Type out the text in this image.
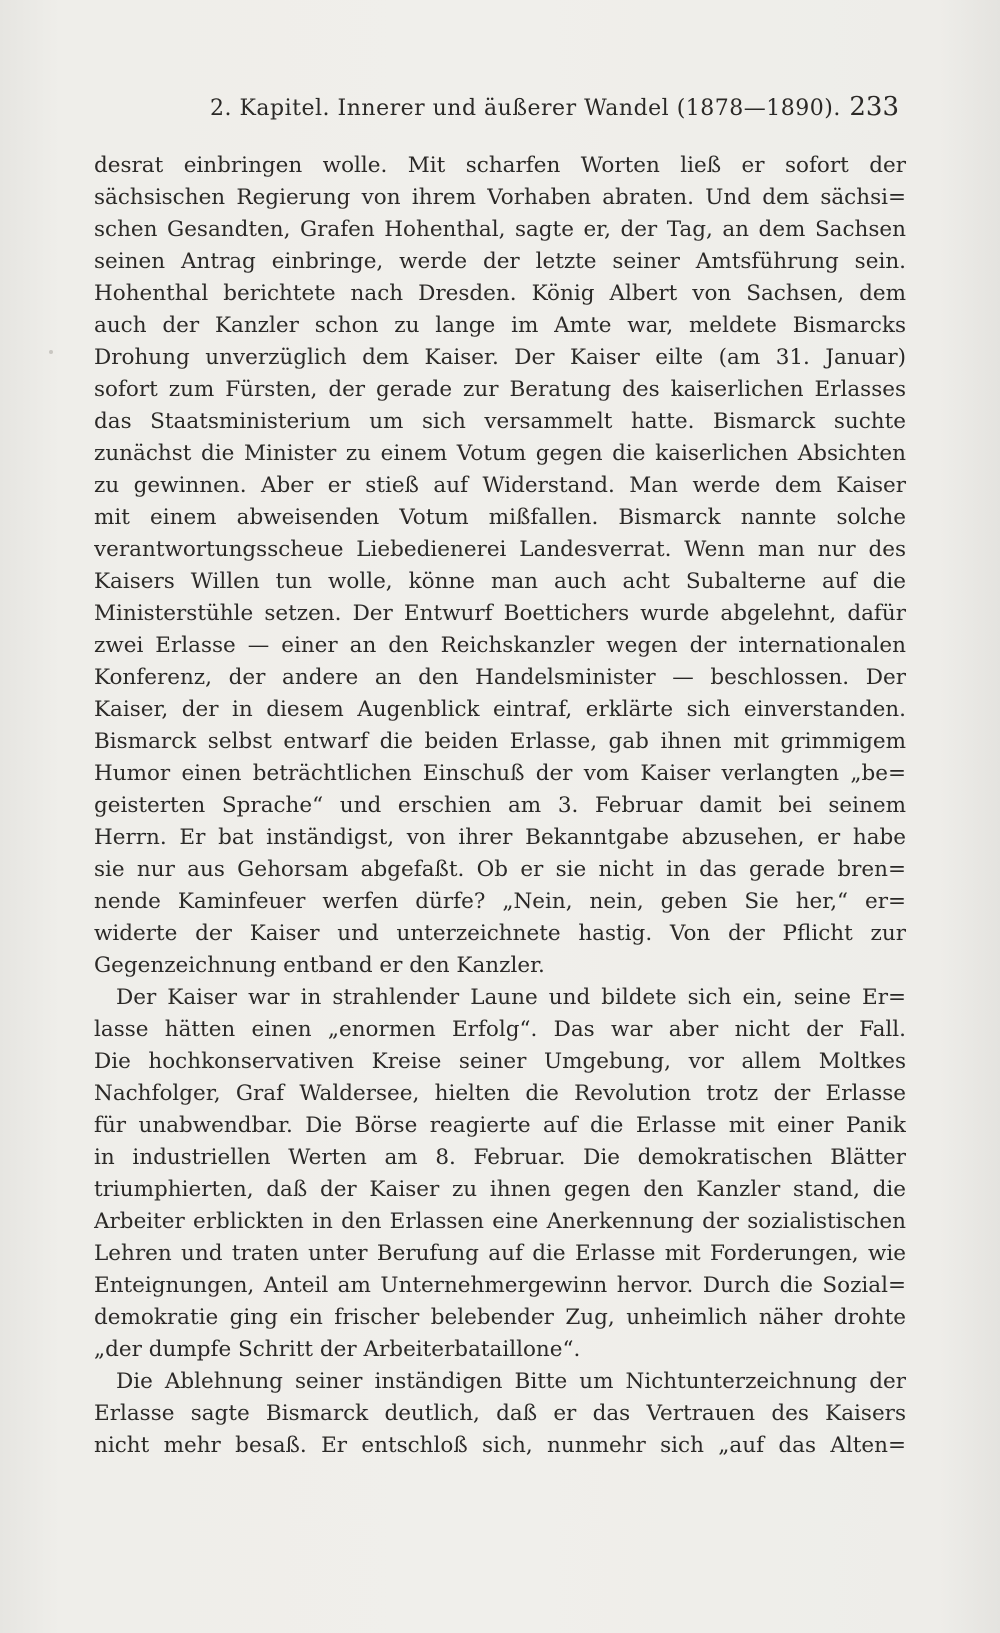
2. Kapitel. Innerer und äußerer Wandel (1878—1890). 233
desrat einbringen wolle. Mit scharfen Worten ließ er sofort der
sächsischen Regierung von ihrem Vorhaben abraten. Und dem sächsi=
schen Gesandten, Grafen Hohenthal, sagte er, der Tag, an dem Sachsen
seinen Antrag einbringe, werde der letzte seiner Amtsführung sein.
Hohenthal berichtete nach Dresden. König Albert von Sachsen, dem
auch der Kanzler schon zu lange im Amte war, meldete Bismarcks
Drohung unverzüglich dem Kaiser. Der Kaiser eilte (am 31. Januar)
sofort zum Fürsten, der gerade zur Beratung des kaiserlichen Erlasses
das Staatsministerium um sich versammelt hatte. Bismarck suchte
zunächst die Minister zu einem Votum gegen die kaiserlichen Absichten
zu gewinnen. Aber er stieß auf Widerstand. Man werde dem Kaiser
mit einem abweisenden Votum mißfallen. Bismarck nannte solche
verantwortungsscheue Liebedienerei Landesverrat. Wenn man nur des
Kaisers Willen tun wolle, könne man auch acht Subalterne auf die
Ministerstühle setzen. Der Entwurf Boettichers wurde abgelehnt, dafür
zwei Erlasse — einer an den Reichskanzler wegen der internationalen
Konferenz, der andere an den Handelsminister — beschlossen. Der
Kaiser, der in diesem Augenblick eintraf, erklärte sich einverstanden.
Bismarck selbst entwarf die beiden Erlasse, gab ihnen mit grimmigem
Humor einen beträchtlichen Einschuß der vom Kaiser verlangten „be=
geisterten Sprache“ und erschien am 3. Februar damit bei seinem
Herrn. Er bat inständigst, von ihrer Bekanntgabe abzusehen, er habe
sie nur aus Gehorsam abgefaßt. Ob er sie nicht in das gerade bren=
nende Kaminfeuer werfen dürfe? „Nein, nein, geben Sie her,“ er=
widerte der Kaiser und unterzeichnete hastig. Von der Pflicht zur
Gegenzeichnung entband er den Kanzler.
Der Kaiser war in strahlender Laune und bildete sich ein, seine Er=
lasse hätten einen „enormen Erfolg“. Das war aber nicht der Fall.
Die hochkonservativen Kreise seiner Umgebung, vor allem Moltkes
Nachfolger, Graf Waldersee, hielten die Revolution trotz der Erlasse
für unabwendbar. Die Börse reagierte auf die Erlasse mit einer Panik
in industriellen Werten am 8. Februar. Die demokratischen Blätter
triumphierten, daß der Kaiser zu ihnen gegen den Kanzler stand, die
Arbeiter erblickten in den Erlassen eine Anerkennung der sozialistischen
Lehren und traten unter Berufung auf die Erlasse mit Forderungen, wie
Enteignungen, Anteil am Unternehmergewinn hervor. Durch die Sozial=
demokratie ging ein frischer belebender Zug, unheimlich näher drohte
„der dumpfe Schritt der Arbeiterbataillone“.
Die Ablehnung seiner inständigen Bitte um Nichtunterzeichnung der
Erlasse sagte Bismarck deutlich, daß er das Vertrauen des Kaisers
nicht mehr besaß. Er entschloß sich, nunmehr sich „auf das Alten=
